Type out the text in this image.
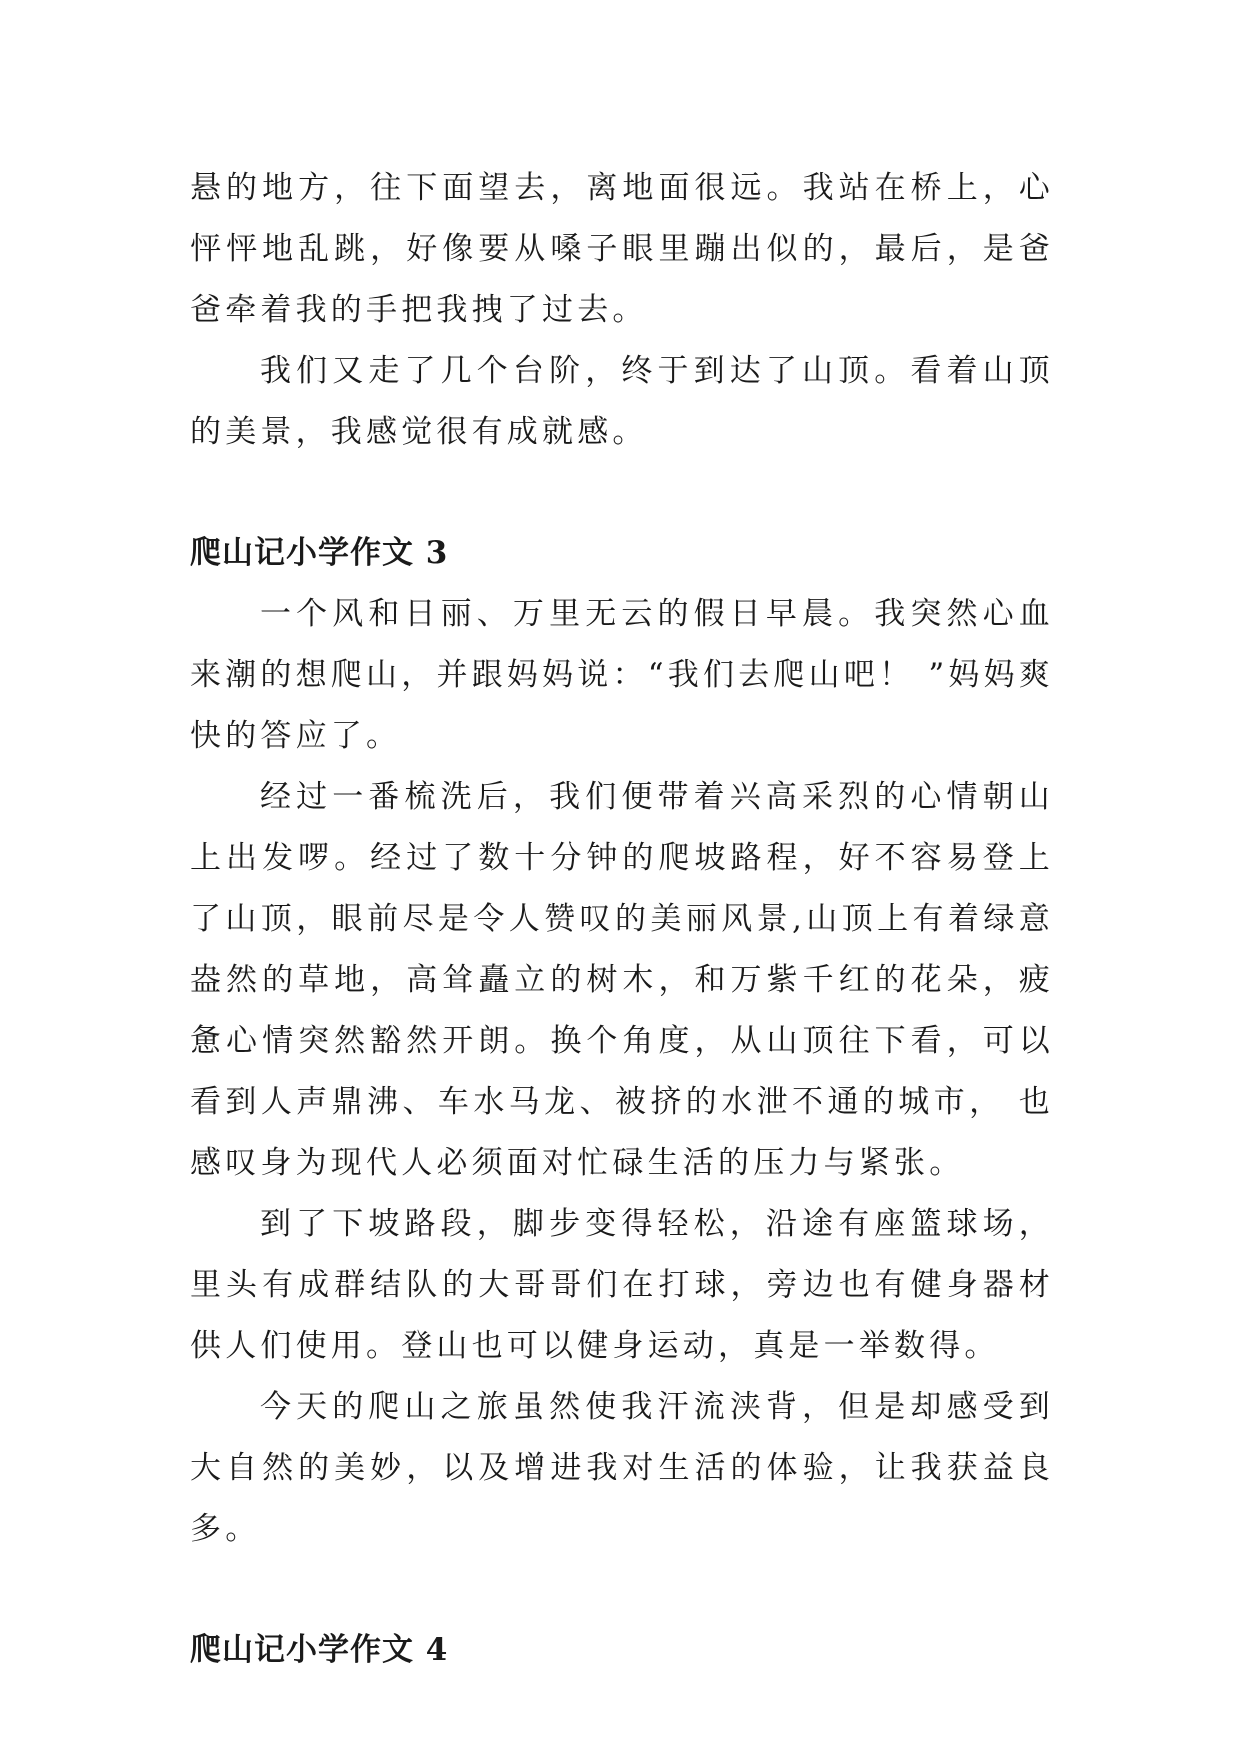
悬的地方，往下面望去，离地面很远。我站在桥上，心怦怦地乱跳，好像要从嗓子眼里蹦出似的，最后，是爸爸牵着我的手把我拽了过去。

我们又走了几个台阶，终于到达了山顶。看着山顶的美景，我感觉很有成就感。

爬山记小学作文 3

一个风和日丽、万里无云的假日早晨。我突然心血来潮的想爬山，并跟妈妈说：“我们去爬山吧！ ”妈妈爽快的答应了。

经过一番梳洗后，我们便带着兴高采烈的心情朝山上出发啰。经过了数十分钟的爬坡路程，好不容易登上了山顶，眼前尽是令人赞叹的美丽风景,山顶上有着绿意盎然的草地，高耸矗立的树木，和万紫千红的花朵，疲惫心情突然豁然开朗。换个角度，从山顶往下看，可以看到人声鼎沸、车水马龙、被挤的水泄不通的城市， 也感叹身为现代人必须面对忙碌生活的压力与紧张。

到了下坡路段，脚步变得轻松，沿途有座篮球场，里头有成群结队的大哥哥们在打球，旁边也有健身器材供人们使用。登山也可以健身运动，真是一举数得。

今天的爬山之旅虽然使我汗流浃背，但是却感受到大自然的美妙，以及增进我对生活的体验，让我获益良多。

爬山记小学作文 4
